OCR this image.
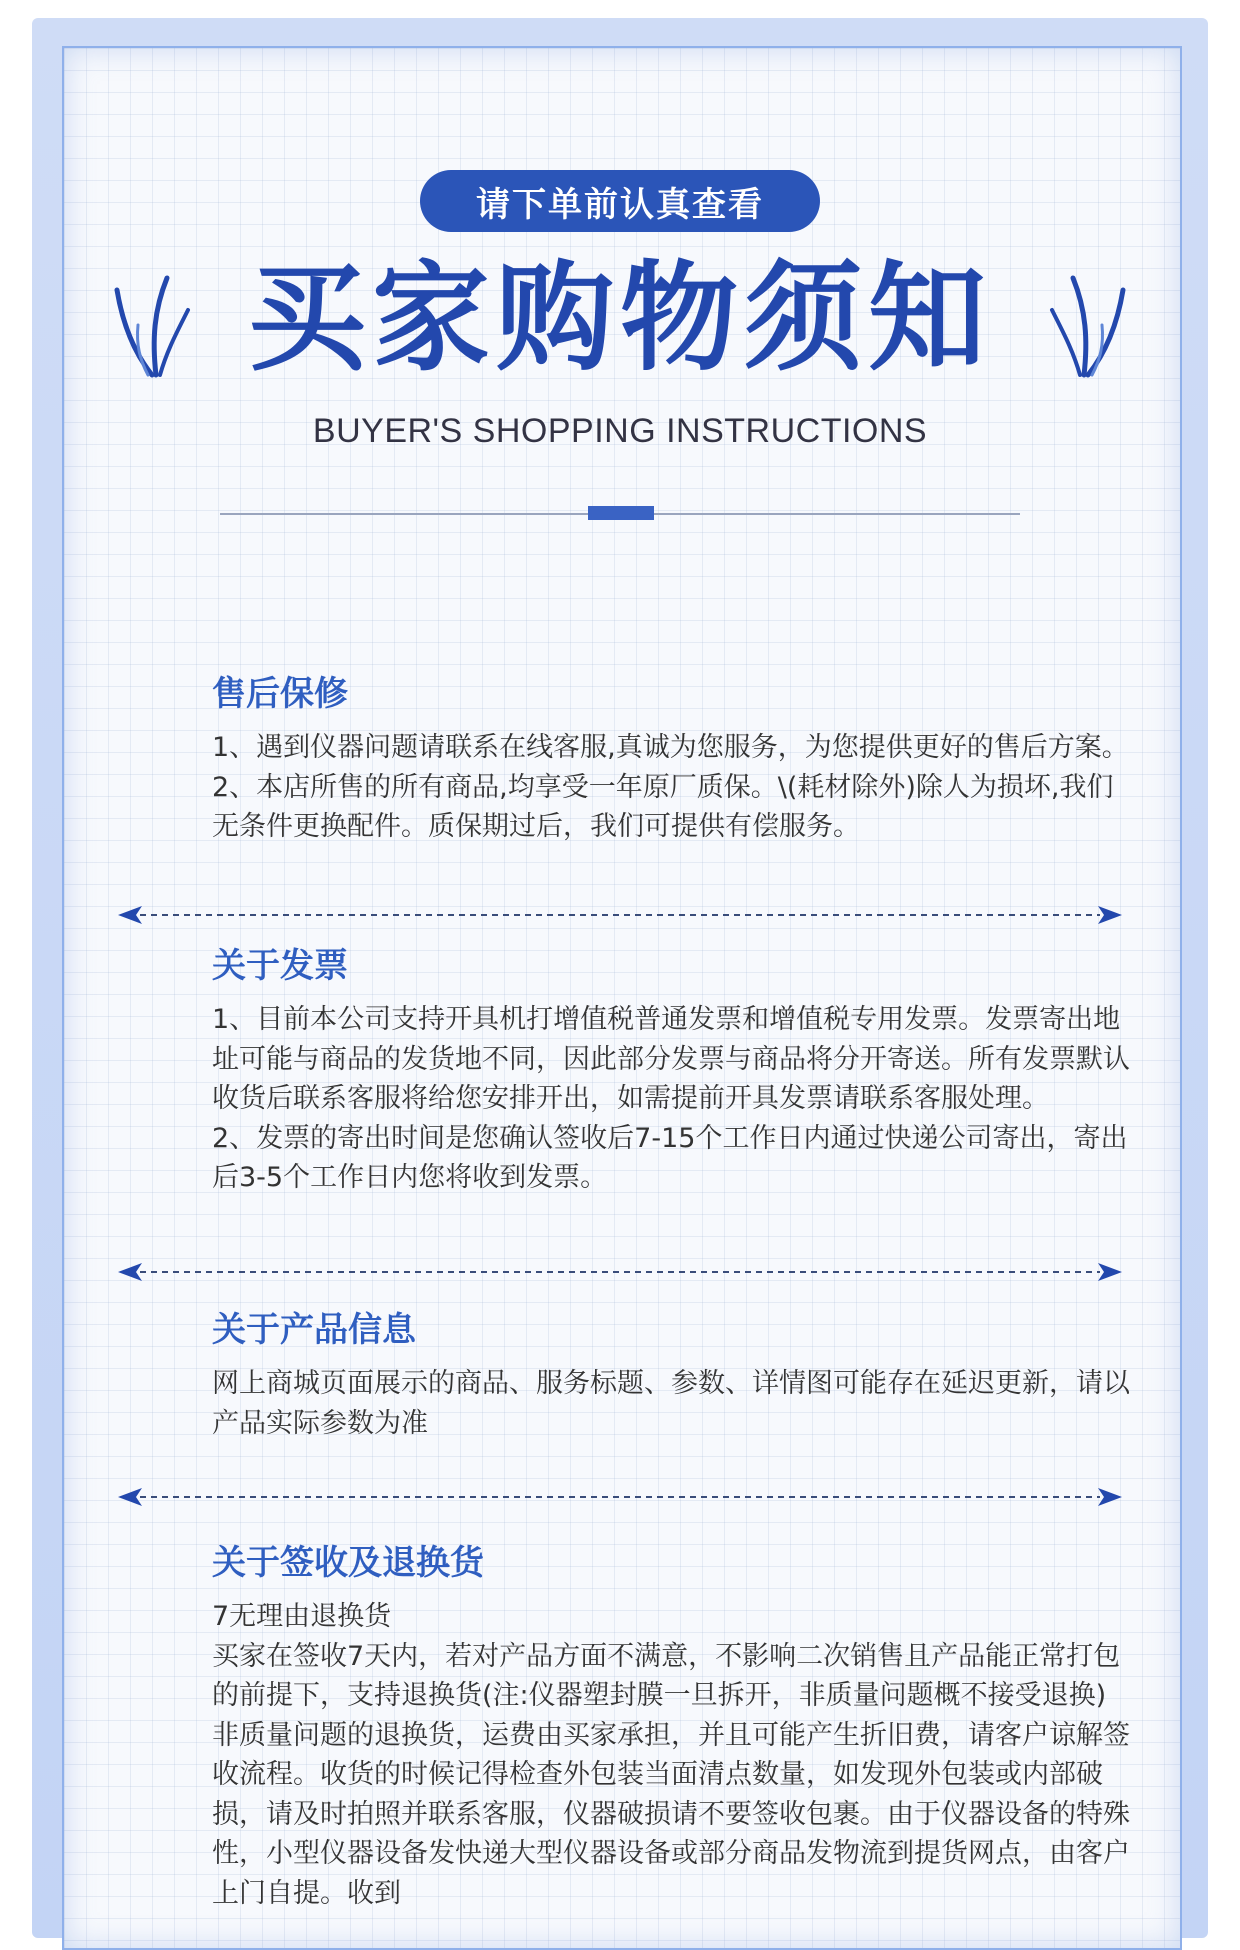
请下单前认真查看
买家购物须知
BUYER'S SHOPPING INSTRUCTIONS
售后保修

1、遇到仪器问题请联系在线客服,真诚为您服务，为您提供更好的售后方案。

2、本店所售的所有商品,均享受一年原厂质保。\(耗材除外)除人为损坏,我们无条件更换配件。质保期过后，我们可提供有偿服务。

关于发票

1、目前本公司支持开具机打增值税普通发票和增值税专用发票。发票寄出地址可能与商品的发货地不同，因此部分发票与商品将分开寄送。所有发票默认收货后联系客服将给您安排开出，如需提前开具发票请联系客服处理。

2、发票的寄出时间是您确认签收后7-15个工作日内通过快递公司寄出，寄出后3-5个工作日内您将收到发票。

关于产品信息

网上商城页面展示的商品、服务标题、参数、详情图可能存在延迟更新，请以产品实际参数为准

关于签收及退换货

7无理由退换货

买家在签收7天内，若对产品方面不满意，不影响二次销售且产品能正常打包的前提下，支持退换货(注:仪器塑封膜一旦拆开，非质量问题概不接受退换)非质量问题的退换货，运费由买家承担，并且可能产生折旧费，请客户谅解签收流程。收货的时候记得检查外包装当面清点数量，如发现外包装或内部破损，请及时拍照并联系客服，仪器破损请不要签收包裹。由于仪器设备的特殊性，小型仪器设备发快递大型仪器设备或部分商品发物流到提货网点，由客户上门自提。收到
